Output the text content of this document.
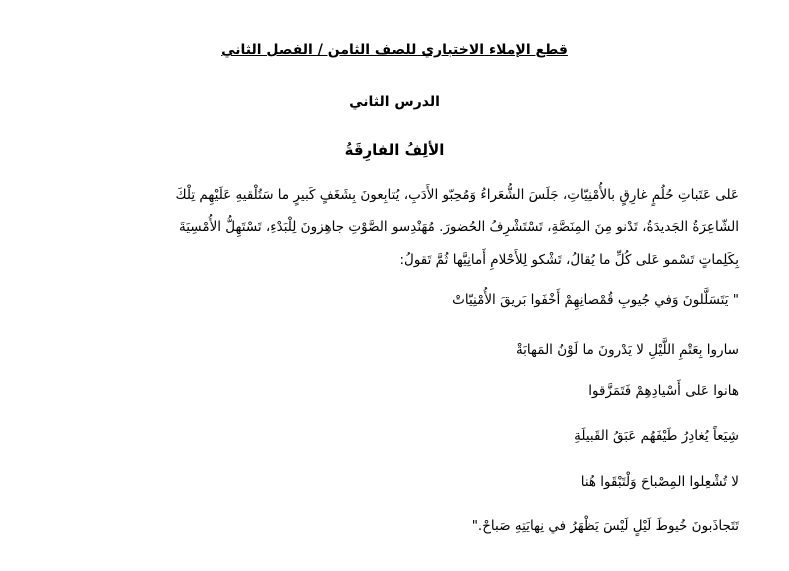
قطع الإملاء الاختباري للصف الثامن / الفصل الثاني
الدرس الثاني
الألِفُ الفارِقَةُ
عَلى عَتَباتِ حُلُمٍ غارِقٍ بالأُمْنِيّاتِ، جَلَسَ الشُّعَراءُ وَمُحِبّو الأَدَبِ، يُتابِعونَ بِشَغَفٍ كَبيرٍ ما سَتُلْقيهِ عَلَيْهِم تِلْكَ
الشّاعِرَةُ الجَديدَةُ، تَدْنو مِنَ المِنَصَّةِ، تَسْتَشْرِفُ الحُضورَ. مُهَنْدِسو الصَّوْتِ جاهِزونَ لِلْبَدْءِ، تَسْتَهِلُّ الأُمْسِيَةَ
بِكَلِماتٍ تَسْمو عَلى كُلِّ ما يُقالُ، تَشْكو لِلأَحْلامِ أَمانِيَّها ثُمَّ تَقولُ:
" يَتَسَلَّلونَ وَفي جُيوبِ قُمْصانِهِمْ أَخْفَوا بَريقَ الأُمْنِيّاتْ
ساروا بِعَتْمِ اللَّيْلِ لا يَدْرونَ ما لَوْنُ المَهابَةْ
هانوا عَلى أَسْيادِهِمْ فَتَمَزَّقوا
شِيَعاً يُغادِرُ طَيْفَهُم عَبَقُ القَبيلَةِ
لا تُشْعِلوا المِصْباحَ وَلْتَبْقَوا هُنا
تَتَجاذَبونَ خُيوطَ لَيْلٍ لَيْسَ يَظْهَرُ في نِهايَتِهِ صَباحْ."
